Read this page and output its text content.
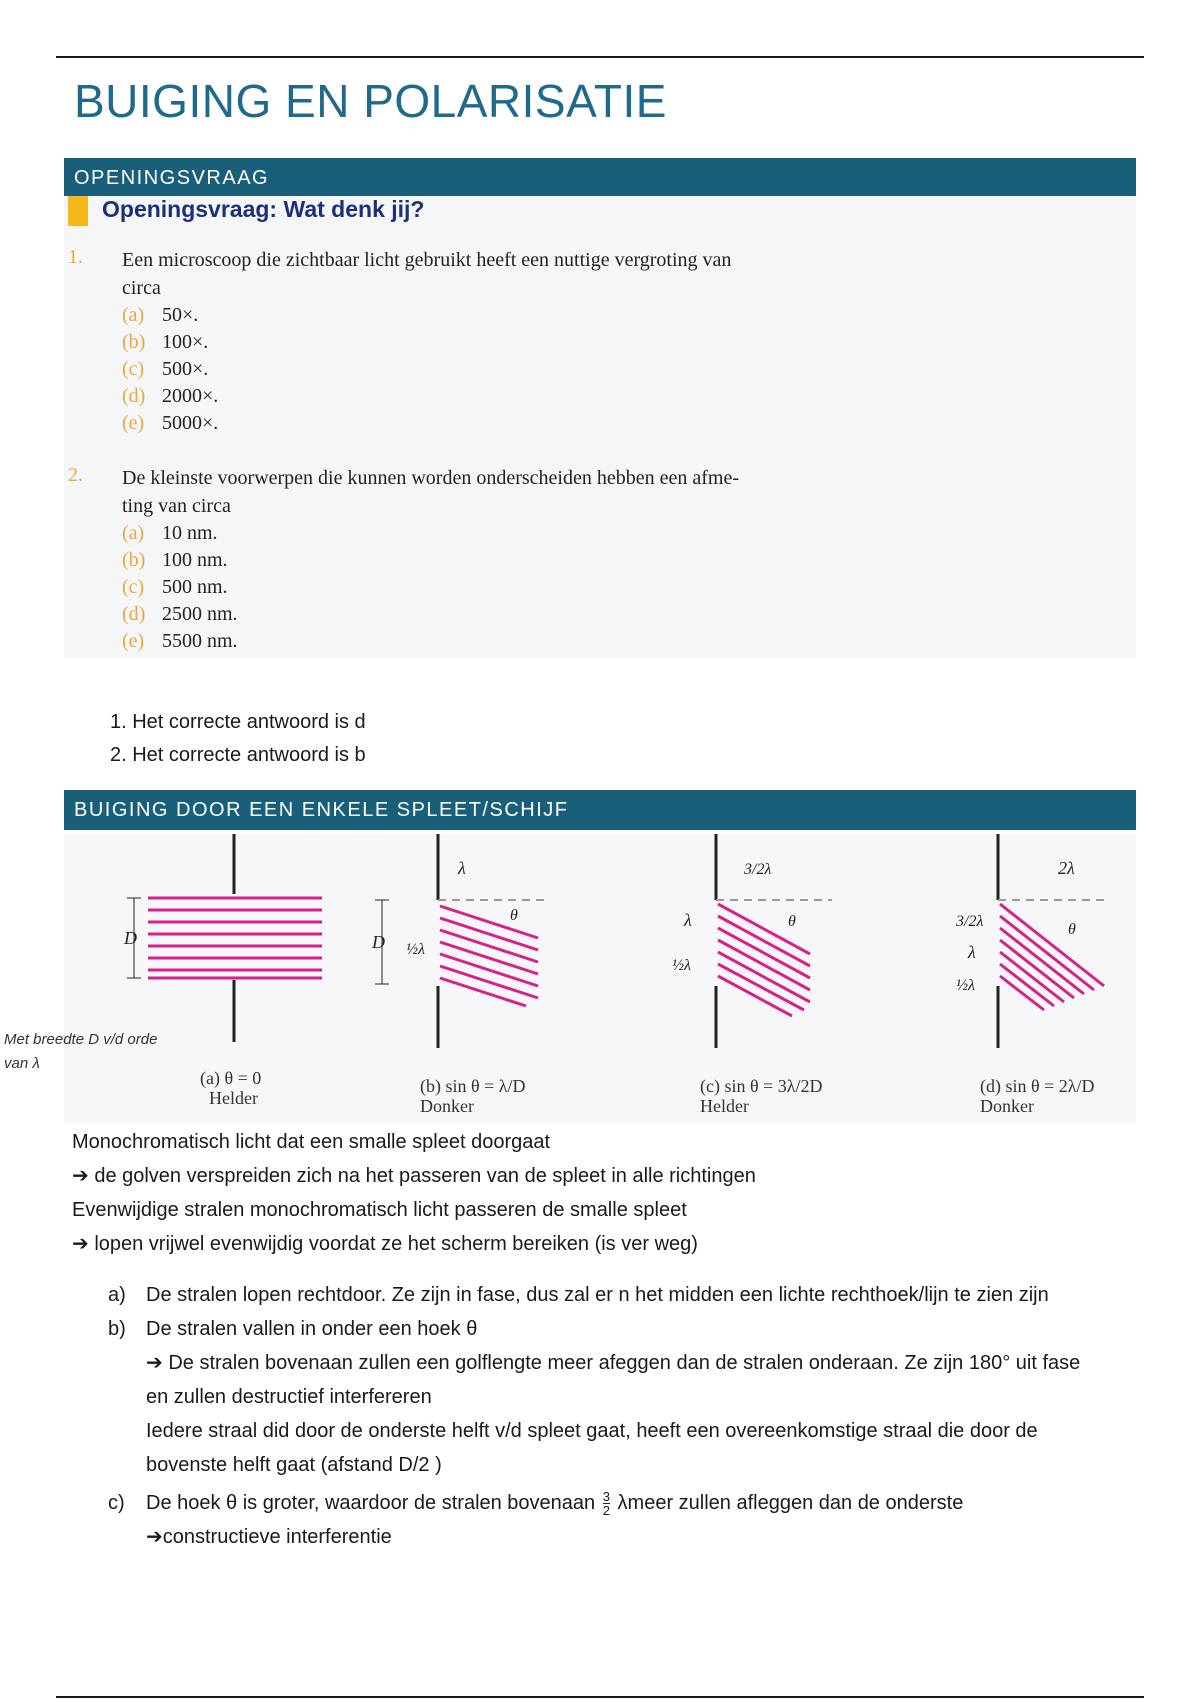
BUIGING EN POLARISATIE
OPENINGSVRAAG
Openingsvraag: Wat denk jij?
1. Een microscoop die zichtbaar licht gebruikt heeft een nuttige vergroting van
circa
(a) 50×.
(b) 100×.
(c) 500×.
(d) 2000×.
(e) 5000×.
2. De kleinste voorwerpen die kunnen worden onderscheiden hebben een afme-
ting van circa
(a) 10 nm.
(b) 100 nm.
(c) 500 nm.
(d) 2500 nm.
(e) 5500 nm.
1. Het correcte antwoord is d
2. Het correcte antwoord is b
BUIGING DOOR EEN ENKELE SPLEET/SCHIJF
D
(a) θ = 0
Helder
D
λ
½λ
θ
(b) sin θ = λ/D
Donker
3/2λ
λ
½λ
θ
(c) sin θ = 3λ/2D
Helder
2λ
3/2λ
λ
½λ
θ
(d) sin θ = 2λ/D
Donker
Met breedte D v/d orde
van λ
Monochromatisch licht dat een smalle spleet doorgaat
➔ de golven verspreiden zich na het passeren van de spleet in alle richtingen
Evenwijdige stralen monochromatisch licht passeren de smalle spleet
➔ lopen vrijwel evenwijdig voordat ze het scherm bereiken (is ver weg)
a) De stralen lopen rechtdoor. Ze zijn in fase, dus zal er n het midden een lichte rechthoek/lijn te zien zijn
b) De stralen vallen in onder een hoek θ
➔ De stralen bovenaan zullen een golflengte meer afeggen dan de stralen onderaan. Ze zijn 180° uit fase en zullen destructief interfereren
Iedere straal did door de onderste helft v/d spleet gaat, heeft een overeenkomstige straal die door de bovenste helft gaat (afstand D/2 )
c) De hoek θ is groter, waardoor de stralen bovenaan $\frac{3}{2}$ λmeer zullen afleggen dan de onderste
➔constructieve interferentie
